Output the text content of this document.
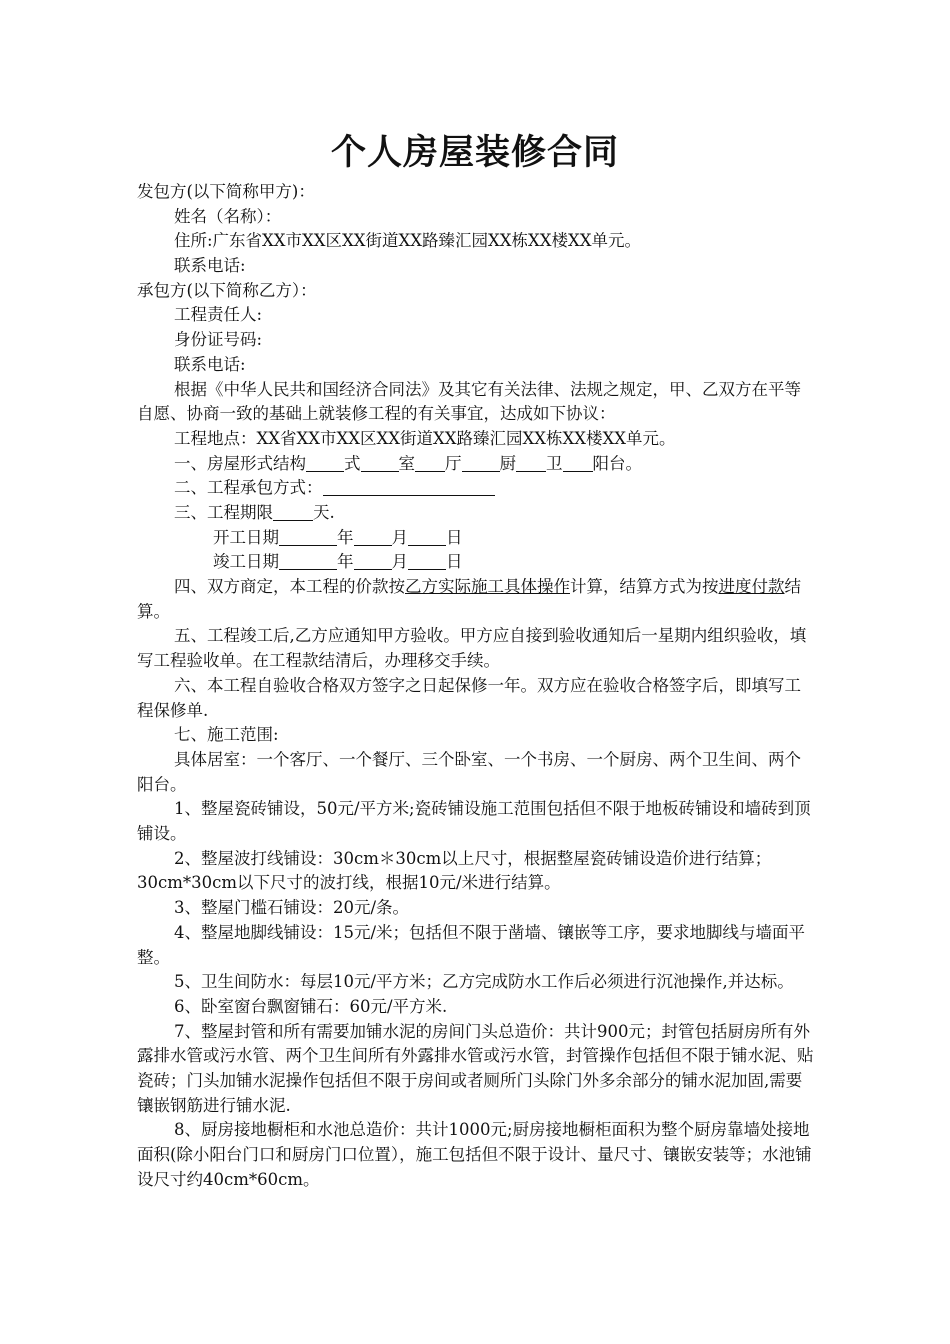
个人房屋装修合同
发包方(以下简称甲方)：
姓名（名称）：
住所:广东省XX市XX区XX街道XX路臻汇园XX栋XX楼XX单元。
联系电话:
承包方(以下简称乙方）：
工程责任人:
身份证号码:
联系电话:
根据《中华人民共和国经济合同法》及其它有关法律、法规之规定，甲、乙双方在平等自愿、协商一致的基础上就装修工程的有关事宜，达成如下协议：
工程地点：XX省XX市XX区XX街道XX路臻汇园XX栋XX楼XX单元。
一、房屋形式结构 式 室 厅 厨 卫 阳台。
二、工程承包方式：
三、工程期限 天.
开工日期	年 月 日
竣工日期	年 月 日
四、双方商定，本工程的价款按乙方实际施工具体操作计算，结算方式为按进度付款结算。
五、工程竣工后,乙方应通知甲方验收。甲方应自接到验收通知后一星期内组织验收，填写工程验收单。在工程款结清后，办理移交手续。
六、本工程自验收合格双方签字之日起保修一年。双方应在验收合格签字后，即填写工程保修单.
七、施工范围:
具体居室：一个客厅、一个餐厅、三个卧室、一个书房、一个厨房、两个卫生间、两个阳台。
1、整屋瓷砖铺设，50元/平方米;瓷砖铺设施工范围包括但不限于地板砖铺设和墙砖到顶铺设。
2、整屋波打线铺设：30cm＊30cm以上尺寸，根据整屋瓷砖铺设造价进行结算；30cm*30cm以下尺寸的波打线，根据10元/米进行结算。
3、整屋门槛石铺设：20元/条。
4、整屋地脚线铺设：15元/米；包括但不限于凿墙、镶嵌等工序，要求地脚线与墙面平整。
5、卫生间防水：每层10元/平方米；乙方完成防水工作后必须进行沉池操作,并达标。
6、卧室窗台飘窗铺石：60元/平方米.
7、整屋封管和所有需要加铺水泥的房间门头总造价：共计900元；封管包括厨房所有外露排水管或污水管、两个卫生间所有外露排水管或污水管，封管操作包括但不限于铺水泥、贴瓷砖；门头加铺水泥操作包括但不限于房间或者厕所门头除门外多余部分的铺水泥加固,需要镶嵌钢筋进行铺水泥.
8、厨房接地橱柜和水池总造价：共计1000元;厨房接地橱柜面积为整个厨房靠墙处接地面积(除小阳台门口和厨房门口位置），施工包括但不限于设计、量尺寸、镶嵌安装等；水池铺设尺寸约40cm*60cm。
